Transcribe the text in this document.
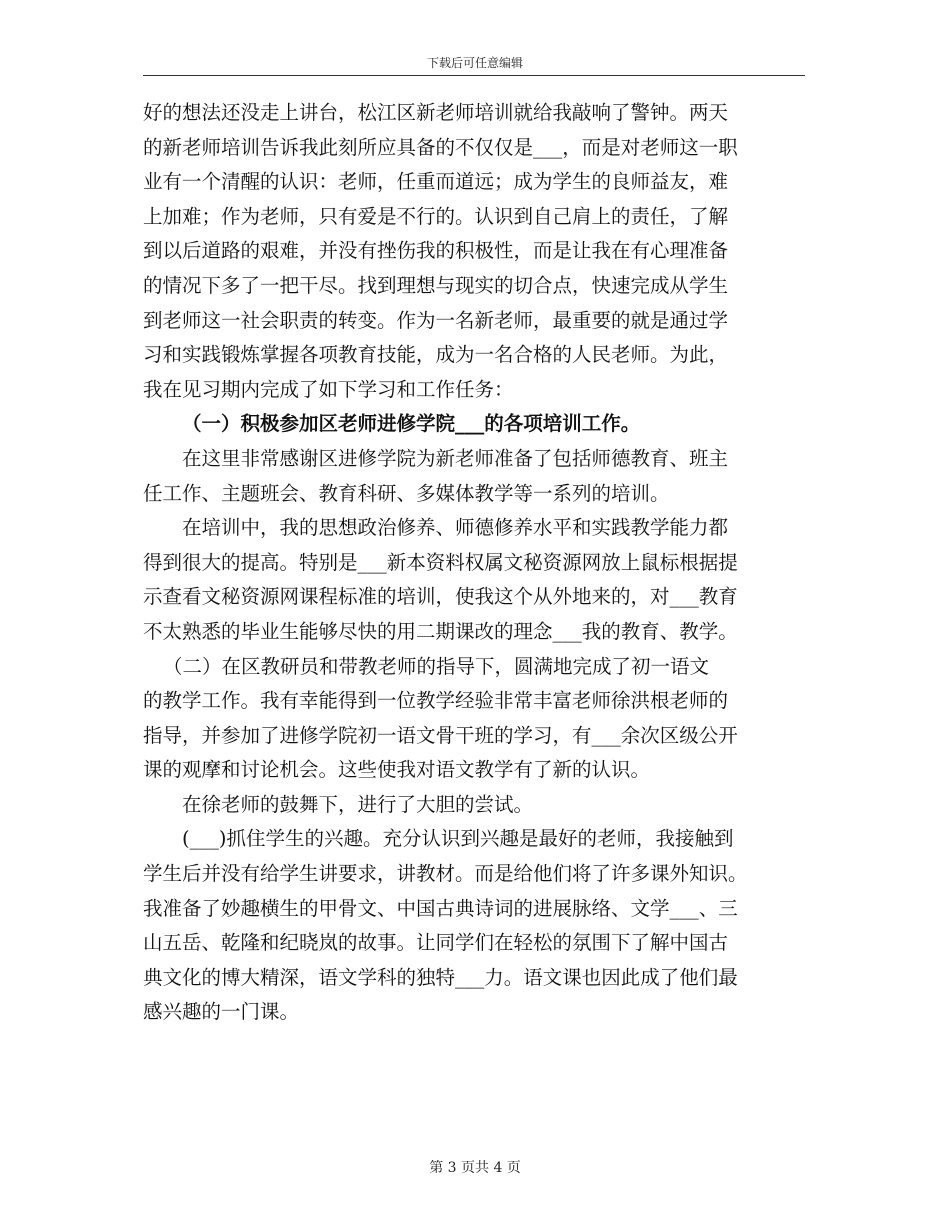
下载后可任意编辑
好的想法还没走上讲台，松江区新老师培训就给我敲响了警钟。两天
的新老师培训告诉我此刻所应具备的不仅仅是___，而是对老师这一职
业有一个清醒的认识：老师，任重而道远；成为学生的良师益友，难
上加难；作为老师，只有爱是不行的。认识到自己肩上的责任，了解
到以后道路的艰难，并没有挫伤我的积极性，而是让我在有心理准备
的情况下多了一把干尽。找到理想与现实的切合点，快速完成从学生
到老师这一社会职责的转变。作为一名新老师，最重要的就是通过学
习和实践锻炼掌握各项教育技能，成为一名合格的人民老师。为此，
我在见习期内完成了如下学习和工作任务：
（一）积极参加区老师进修学院___的各项培训工作。
在这里非常感谢区进修学院为新老师准备了包括师德教育、班主
任工作、主题班会、教育科研、多媒体教学等一系列的培训。
在培训中，我的思想政治修养、师德修养水平和实践教学能力都
得到很大的提高。特别是___新本资料权属文秘资源网放上鼠标根据提
示查看文秘资源网课程标准的培训，使我这个从外地来的，对___教育
不太熟悉的毕业生能够尽快的用二期课改的理念___我的教育、教学。
（二）在区教研员和带教老师的指导下，圆满地完成了初一语文
的教学工作。我有幸能得到一位教学经验非常丰富老师徐洪根老师的
指导，并参加了进修学院初一语文骨干班的学习，有___余次区级公开
课的观摩和讨论机会。这些使我对语文教学有了新的认识。
在徐老师的鼓舞下，进行了大胆的尝试。
(___)抓住学生的兴趣。充分认识到兴趣是最好的老师，我接触到
学生后并没有给学生讲要求，讲教材。而是给他们将了许多课外知识。
我准备了妙趣横生的甲骨文、中国古典诗词的进展脉络、文学___、三
山五岳、乾隆和纪晓岚的故事。让同学们在轻松的氛围下了解中国古
典文化的博大精深，语文学科的独特___力。语文课也因此成了他们最
感兴趣的一门课。
第 3 页共 4 页
